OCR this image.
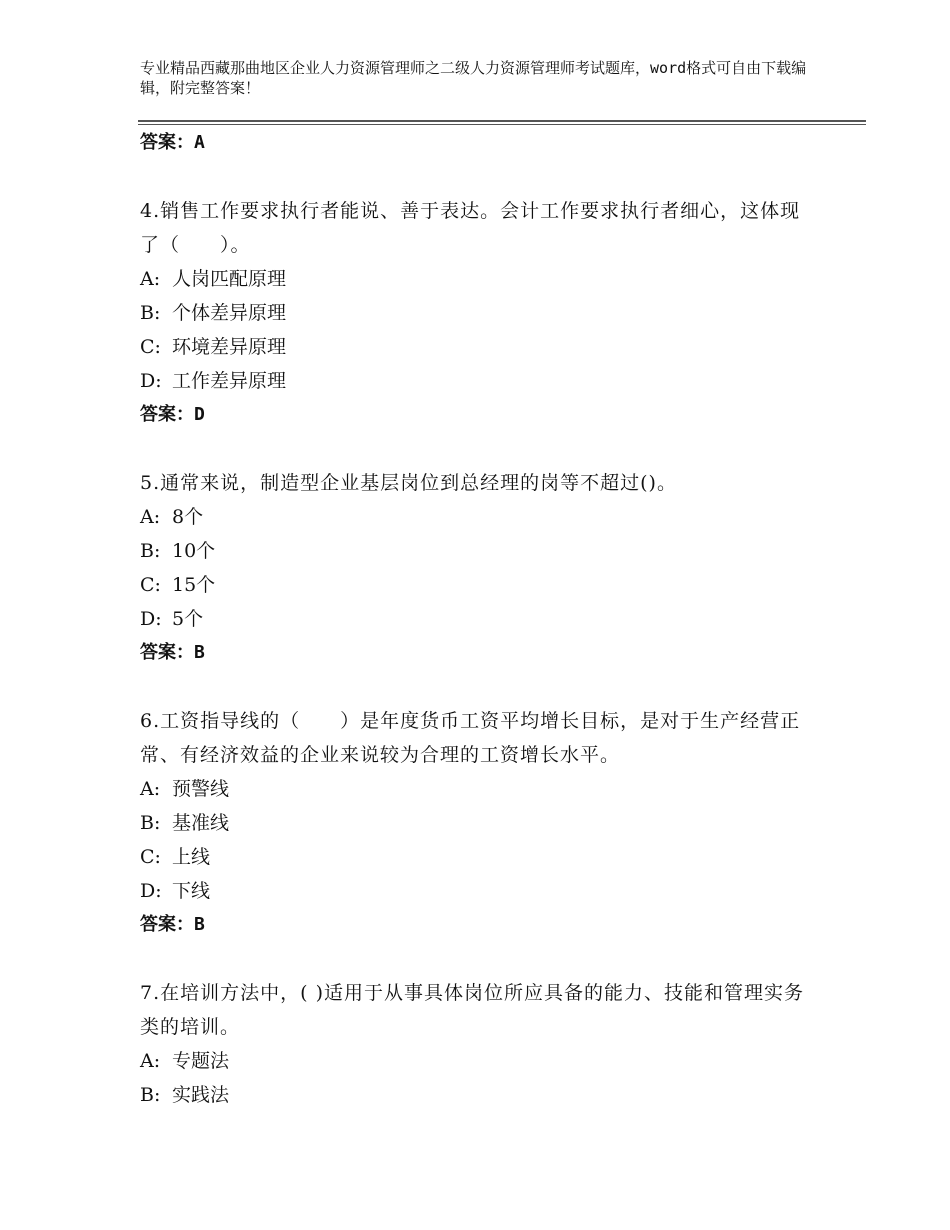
专业精品西藏那曲地区企业人力资源管理师之二级人力资源管理师考试题库，word格式可自由下载编辑，附完整答案！
答案：A
4.销售工作要求执行者能说、善于表达。会计工作要求执行者细心，这体现了（　　）。
A: 人岗匹配原理
B: 个体差异原理
C: 环境差异原理
D: 工作差异原理
答案：D
5.通常来说，制造型企业基层岗位到总经理的岗等不超过()。
A: 8个
B: 10个
C: 15个
D: 5个
答案：B
6.工资指导线的（　　）是年度货币工资平均增长目标，是对于生产经营正常、有经济效益的企业来说较为合理的工资增长水平。
A: 预警线
B: 基准线
C: 上线
D: 下线
答案：B
7.在培训方法中，( )适用于从事具体岗位所应具备的能力、技能和管理实务类的培训。
A: 专题法
B: 实践法
